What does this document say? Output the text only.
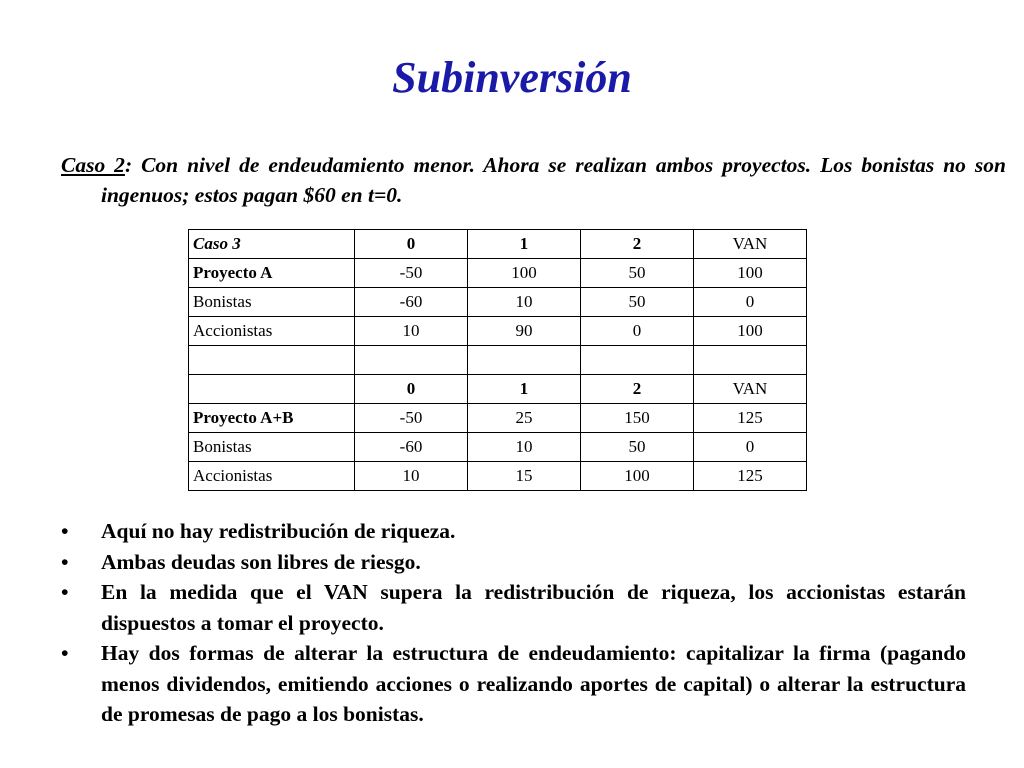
Subinversión

Caso 2: Con nivel de endeudamiento menor. Ahora se realizan ambos proyectos. Los bonistas no son ingenuos; estos pagan $60 en t=0.

Caso 3	0	1	2	VAN
Proyecto A	-50	100	50	100
Bonistas	-60	10	50	0
Accionistas	10	90	0	100

	0	1	2	VAN
Proyecto A+B	-50	25	150	125
Bonistas	-60	10	50	0
Accionistas	10	15	100	125
•	Aquí no hay redistribución de riqueza.
•	Ambas deudas son libres de riesgo.
•	En la medida que el VAN supera la redistribución de riqueza, los accionistas estarán dispuestos a tomar el proyecto.
•	Hay dos formas de alterar la estructura de endeudamiento: capitalizar la firma (pagando menos dividendos, emitiendo acciones o realizando aportes de capital) o alterar la estructura de promesas de pago a los bonistas.
